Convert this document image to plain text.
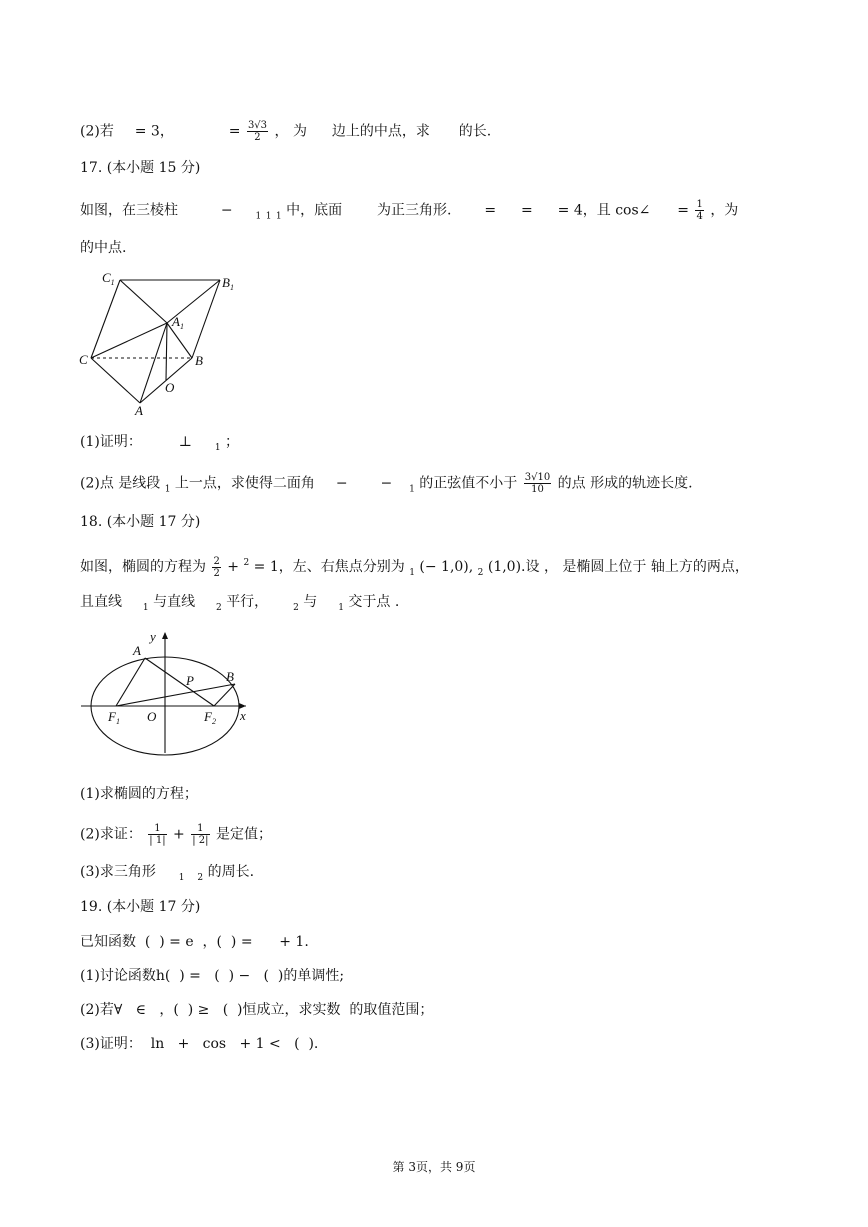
(2)若 = 3，	= $\frac{3√3}{2}$ ， 为 边上的中点，求 的长.
17. (本小题 15 分)
如图，在三棱柱	−	$_1$ $_1$ $_1$ 中，底面 为正三角形. = = = 4，且 cos∠ = $\frac{1}{4}$ ，为
的中点.
$C_1$	$B_1$
$A_1$
C	B
O
A
(1)证明：	⊥	$_1$ ；
(2)点 是线段 $_1$ 上一点，求使得二面角 − − $_1$ 的正弦值不小于 $\frac{3√10}{10}$ 的点 形成的轨迹长度.
18. (本小题 17 分)
如图，椭圆的方程为 $\frac{2}{2} + ^2 = 1$，左、右焦点分别为 $_1$ (− 1,0), $_2$ (1,0).设 ， 是椭圆上位于 轴上方的两点，
且直线 $_1$ 与直线 $_2$ 平行，	$_2$ 与 $_1$ 交于点 .
y
A
P B
$F_1$ O	$F_2$ x
(1)求椭圆的方程；
(2)求证： $\frac{1}{| 1|} + \frac{1}{| 2|}$ 是定值；
(3)求三角形	$_1$ $_2$ 的周长.
19. (本小题 17 分)
已知函数  (  ) = e  ，(  ) =      + 1.
(1)讨论函数h(  ) =   (  ) −   (  )的单调性;
(2)若∀   ∈   ，(  ) ≥   (  )恒成立，求实数  的取值范围；
(3)证明：  ln   +   cos   + 1 <   (  ).
第 3页，共 9页
